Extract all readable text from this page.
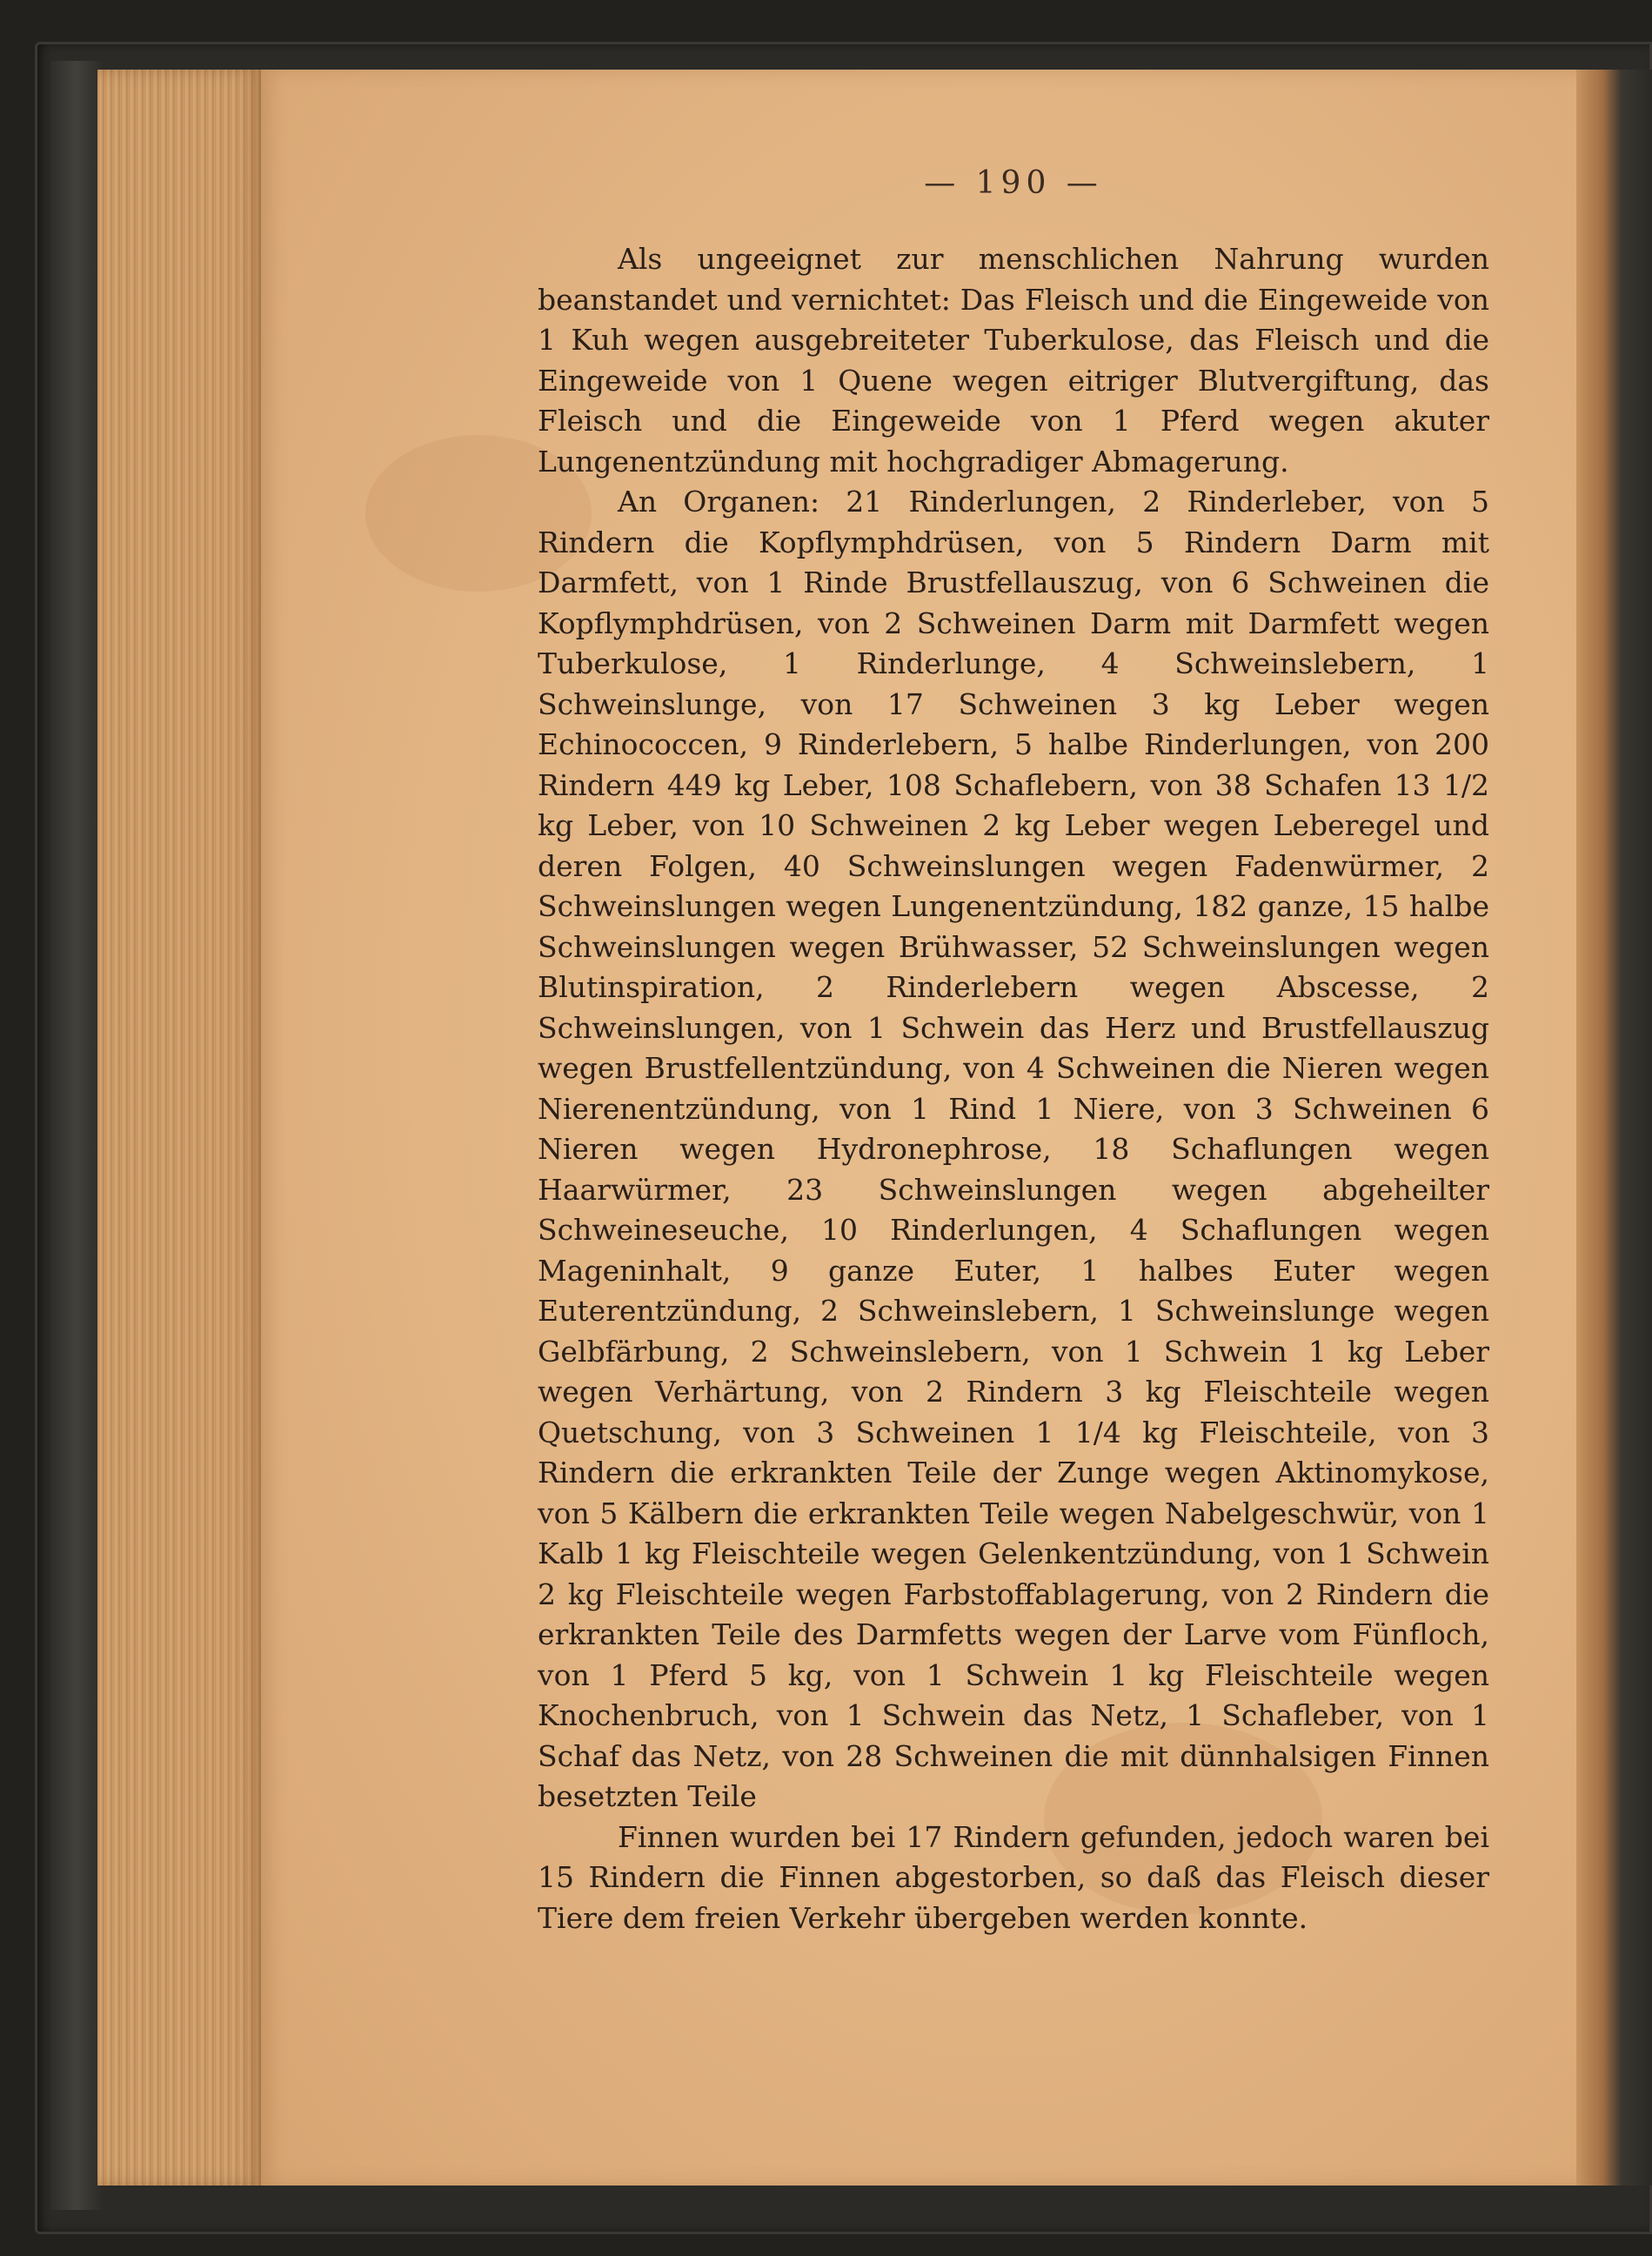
— 190 —

Als ungeeignet zur menschlichen Nahrung wurden beanstandet und vernichtet: Das Fleisch und die Eingeweide von 1 Kuh wegen ausgebreiteter Tuberkulose, das Fleisch und die Eingeweide von 1 Quene wegen eitriger Blutvergiftung, das Fleisch und die Eingeweide von 1 Pferd wegen akuter Lungenentzündung mit hochgradiger Abmagerung.

An Organen: 21 Rinderlungen, 2 Rinderleber, von 5 Rindern die Kopflymphdrüsen, von 5 Rindern Darm mit Darmfett, von 1 Rinde Brustfellauszug, von 6 Schweinen die Kopflymphdrüsen, von 2 Schweinen Darm mit Darmfett wegen Tuberkulose, 1 Rinderlunge, 4 Schweinslebern, 1 Schweinslunge, von 17 Schweinen 3 kg Leber wegen Echinococcen, 9 Rinderlebern, 5 halbe Rinderlungen, von 200 Rindern 449 kg Leber, 108 Schaflebern, von 38 Schafen 13 1/2 kg Leber, von 10 Schweinen 2 kg Leber wegen Leberegel und deren Folgen, 40 Schweinslungen wegen Fadenwürmer, 2 Schweinslungen wegen Lungenentzündung, 182 ganze, 15 halbe Schweinslungen wegen Brühwasser, 52 Schweinslungen wegen Blutinspiration, 2 Rinderlebern wegen Abscesse, 2 Schweinslungen, von 1 Schwein das Herz und Brustfellauszug wegen Brustfellentzündung, von 4 Schweinen die Nieren wegen Nierenentzündung, von 1 Rind 1 Niere, von 3 Schweinen 6 Nieren wegen Hydronephrose, 18 Schaflungen wegen Haarwürmer, 23 Schweinslungen wegen abgeheilter Schweineseuche, 10 Rinderlungen, 4 Schaflungen wegen Mageninhalt, 9 ganze Euter, 1 halbes Euter wegen Euterentzündung, 2 Schweinslebern, 1 Schweinslunge wegen Gelbfärbung, 2 Schweinslebern, von 1 Schwein 1 kg Leber wegen Verhärtung, von 2 Rindern 3 kg Fleischteile wegen Quetschung, von 3 Schweinen 1 1/4 kg Fleischteile, von 3 Rindern die erkrankten Teile der Zunge wegen Aktinomykose, von 5 Kälbern die erkrankten Teile wegen Nabelgeschwür, von 1 Kalb 1 kg Fleischteile wegen Gelenkentzündung, von 1 Schwein 2 kg Fleischteile wegen Farbstoffablagerung, von 2 Rindern die erkrankten Teile des Darmfetts wegen der Larve vom Fünfloch, von 1 Pferd 5 kg, von 1 Schwein 1 kg Fleischteile wegen Knochenbruch, von 1 Schwein das Netz, 1 Schafleber, von 1 Schaf das Netz, von 28 Schweinen die mit dünnhalsigen Finnen besetzten Teile

Finnen wurden bei 17 Rindern gefunden, jedoch waren bei 15 Rindern die Finnen abgestorben, so daß das Fleisch dieser Tiere dem freien Verkehr übergeben werden konnte.
